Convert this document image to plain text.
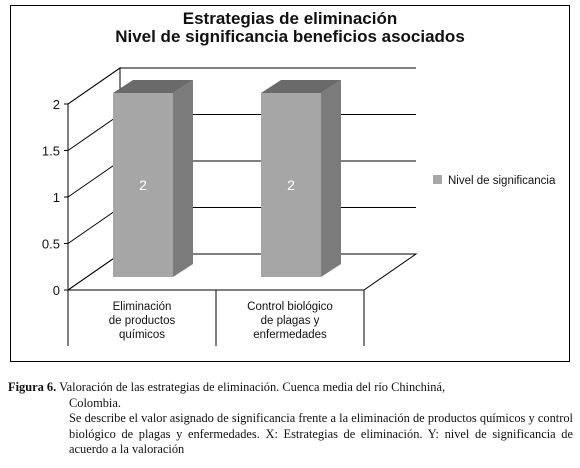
Estrategias de eliminación
Nivel de significancia beneficios asociados
0
0.5
1
1.5
2
2	2
Eliminación
de productos
químicos
Control biológico
de plagas y
enfermedades
Nivel de significancia
Figura 6. Valoración de las estrategias de eliminación. Cuenca media del río Chinchiná,
Colombia.
Se describe el valor asignado de significancia frente a la eliminación de productos químicos y control biológico de plagas y enfermedades. X: Estrategias de eliminación. Y: nivel de significancia de acuerdo a la valoración
